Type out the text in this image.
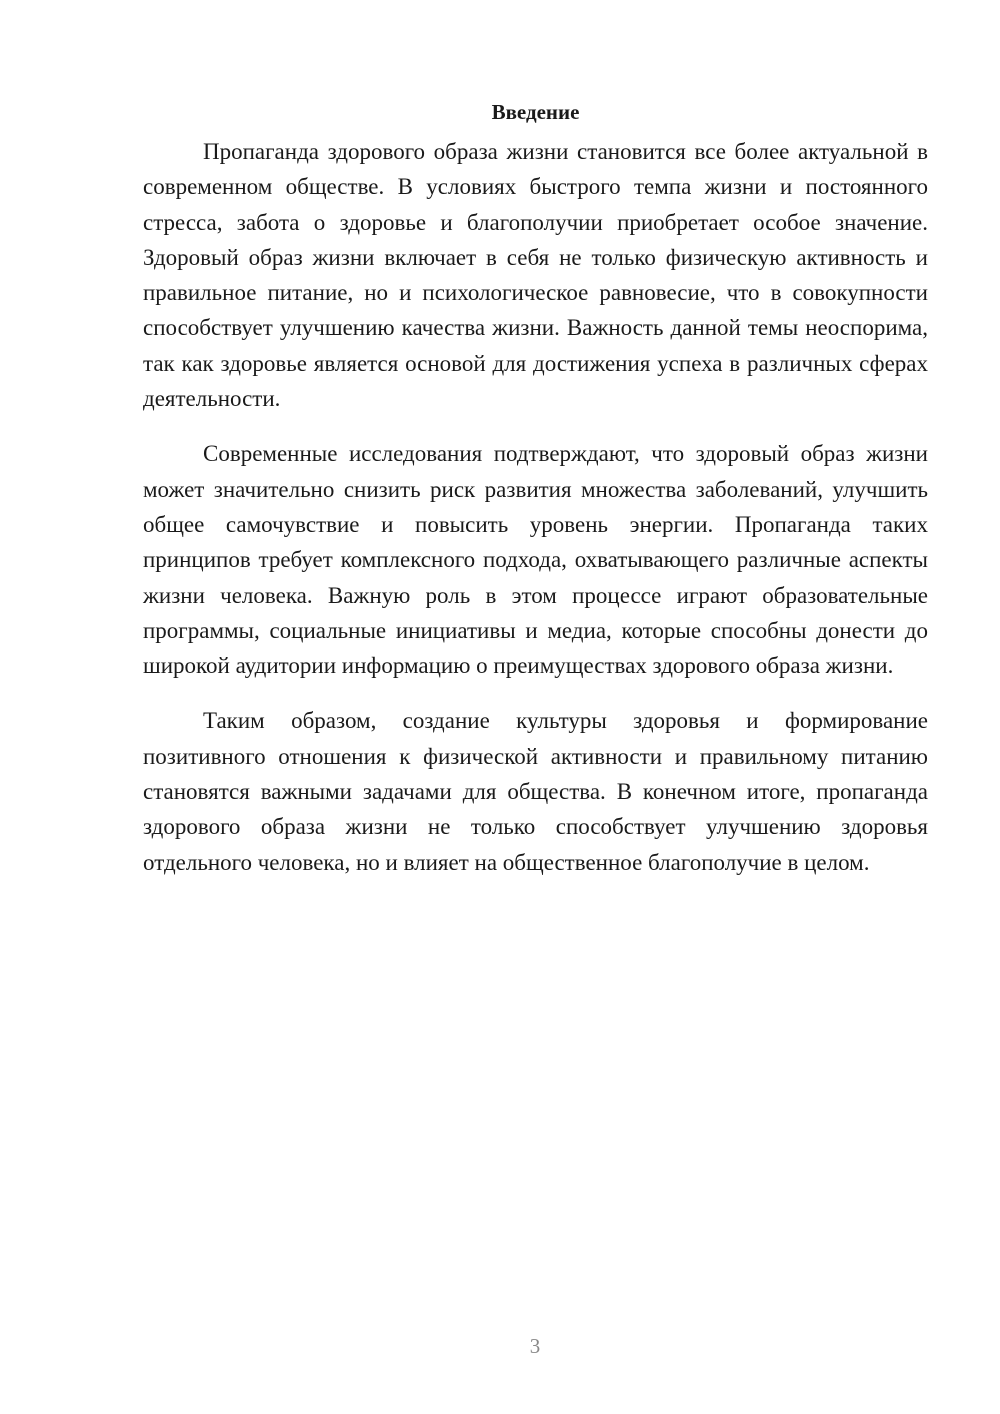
Введение

Пропаганда здорового образа жизни становится все более актуальной в современном обществе. В условиях быстрого темпа жизни и постоянного стресса, забота о здоровье и благополучии приобретает особое значение. Здоровый образ жизни включает в себя не только физическую активность и правильное питание, но и психологическое равновесие, что в совокупности способствует улучшению качества жизни. Важность данной темы неоспорима, так как здоровье является основой для достижения успеха в различных сферах деятельности.

Современные исследования подтверждают, что здоровый образ жизни может значительно снизить риск развития множества заболеваний, улучшить общее самочувствие и повысить уровень энергии. Пропаганда таких принципов требует комплексного подхода, охватывающего различные аспекты жизни человека. Важную роль в этом процессе играют образовательные программы, социальные инициативы и медиа, которые способны донести до широкой аудитории информацию о преимуществах здорового образа жизни.

Таким образом, создание культуры здоровья и формирование позитивного отношения к физической активности и правильному питанию становятся важными задачами для общества. В конечном итоге, пропаганда здорового образа жизни не только способствует улучшению здоровья отдельного человека, но и влияет на общественное благополучие в целом.

3
